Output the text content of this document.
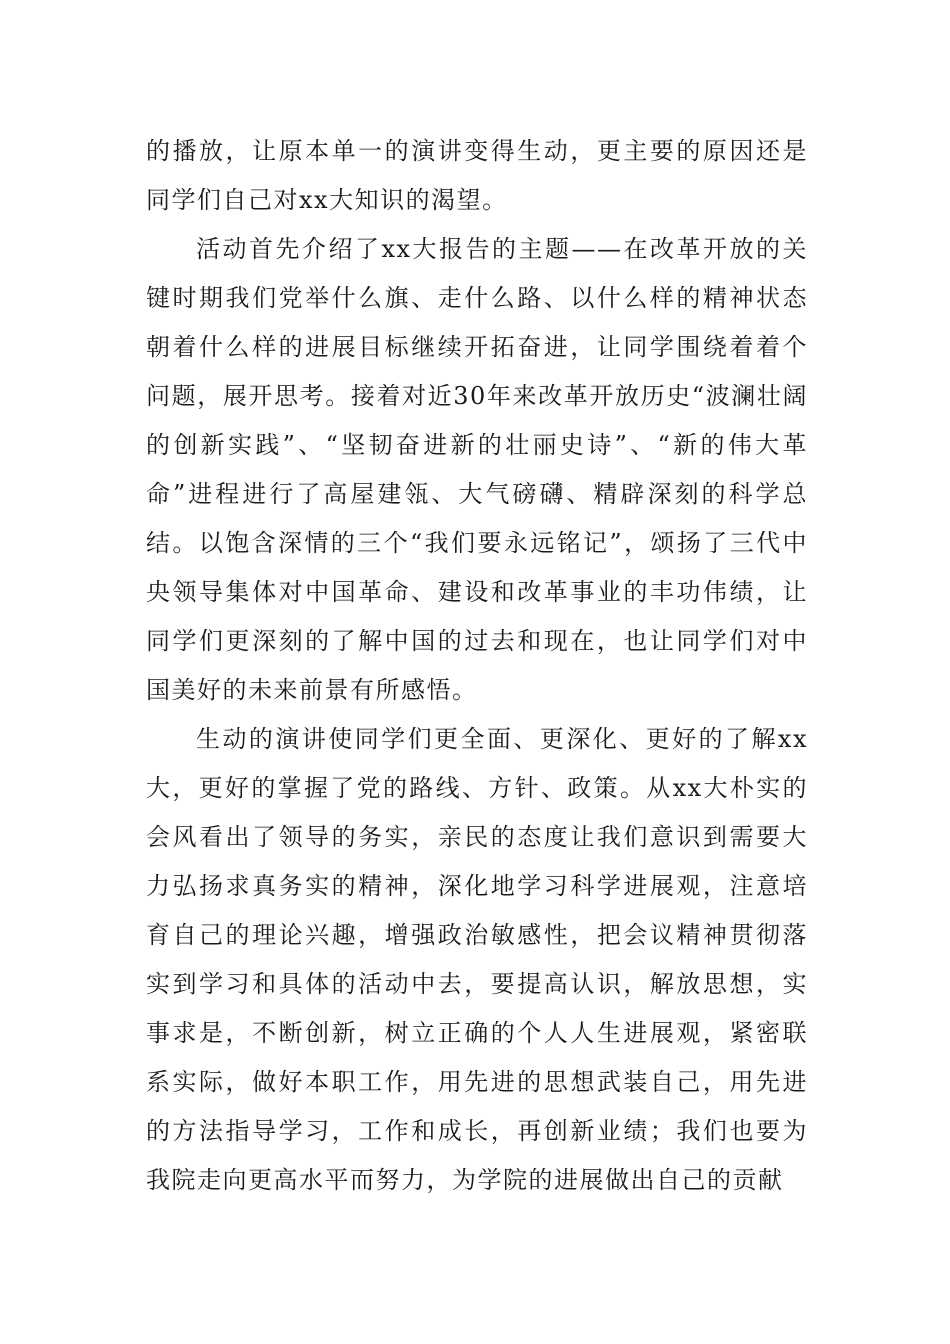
的播放，让原本单一的演讲变得生动，更主要的原因还是同学们自己对xx大知识的渴望。

活动首先介绍了xx大报告的主题——在改革开放的关键时期我们党举什么旗、走什么路、以什么样的精神状态朝着什么样的进展目标继续开拓奋进，让同学围绕着着个问题，展开思考。接着对近30年来改革开放历史“波澜壮阔的创新实践”、“坚韧奋进新的壮丽史诗”、“新的伟大革命”进程进行了高屋建瓴、大气磅礴、精辟深刻的科学总结。以饱含深情的三个“我们要永远铭记”，颂扬了三代中央领导集体对中国革命、建设和改革事业的丰功伟绩，让同学们更深刻的了解中国的过去和现在，也让同学们对中国美好的未来前景有所感悟。

生动的演讲使同学们更全面、更深化、更好的了解xx大，更好的掌握了党的路线、方针、政策。从xx大朴实的会风看出了领导的务实，亲民的态度让我们意识到需要大力弘扬求真务实的精神，深化地学习科学进展观，注意培育自己的理论兴趣，增强政治敏感性，把会议精神贯彻落实到学习和具体的活动中去，要提高认识，解放思想，实事求是，不断创新，树立正确的个人人生进展观，紧密联系实际，做好本职工作，用先进的思想武装自己，用先进的方法指导学习，工作和成长，再创新业绩；我们也要为我院走向更高水平而努力，为学院的进展做出自己的贡献
